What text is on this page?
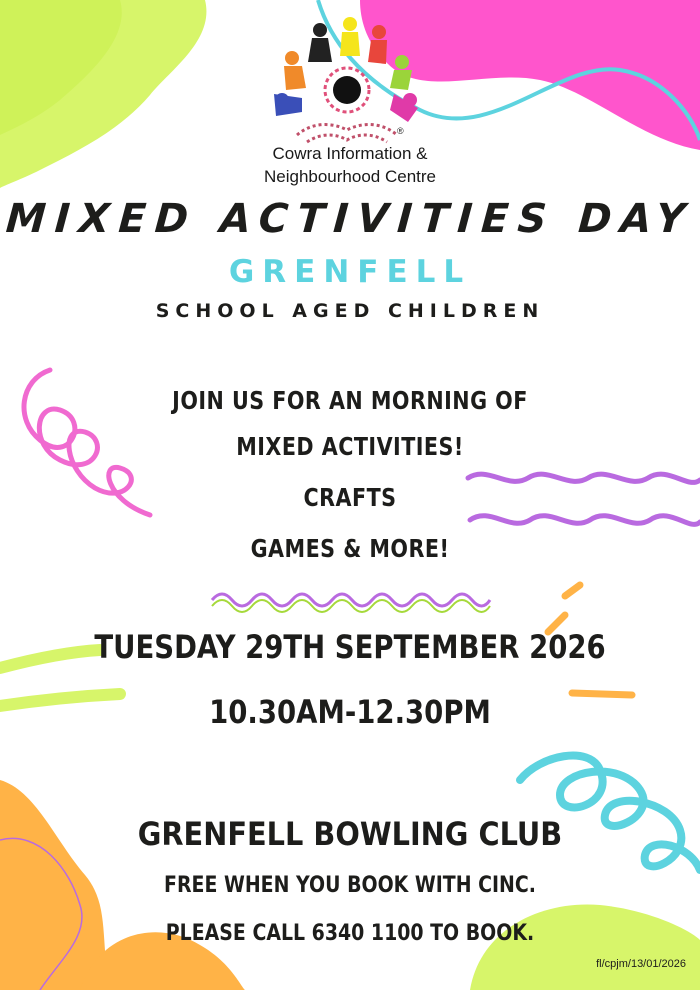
®
Cowra Information &
Neighbourhood Centre
MIXED ACTIVITIES DAY
GRENFELL
SCHOOL AGED CHILDREN
JOIN US FOR AN MORNING OF
MIXED ACTIVITIES!
CRAFTS
GAMES & MORE!
TUESDAY 29TH SEPTEMBER 2026
10.30AM-12.30PM
GRENFELL BOWLING CLUB
FREE WHEN YOU BOOK WITH CINC.
PLEASE CALL 6340 1100 TO BOOK.
fl/cpjm/13/01/2026
